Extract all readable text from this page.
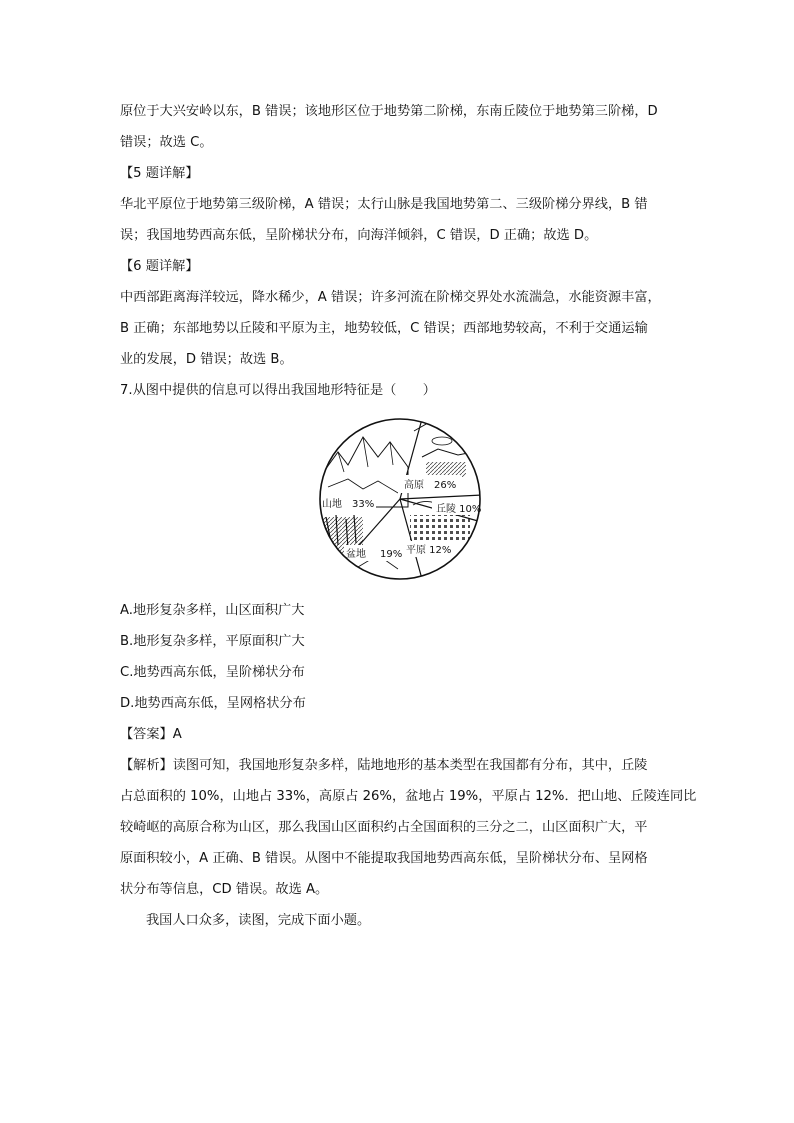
原位于大兴安岭以东，B 错误；该地形区位于地势第二阶梯，东南丘陵位于地势第三阶梯，D
错误；故选 C。
【5 题详解】
华北平原位于地势第三级阶梯，A 错误；太行山脉是我国地势第二、三级阶梯分界线，B 错
误；我国地势西高东低，呈阶梯状分布，向海洋倾斜，C 错误，D 正确；故选 D。
【6 题详解】
中西部距离海洋较远，降水稀少，A 错误；许多河流在阶梯交界处水流湍急，水能资源丰富，
B 正确；东部地势以丘陵和平原为主，地势较低，C 错误；西部地势较高，不利于交通运输
业的发展，D 错误；故选 B。
7.从图中提供的信息可以得出我国地形特征是（　　）
高原　26%
丘陵 10%
山地　33%
盆地 19% 平原 12%
A.地形复杂多样，山区面积广大
B.地形复杂多样，平原面积广大
C.地势西高东低，呈阶梯状分布
D.地势西高东低，呈网格状分布
【答案】A
【解析】读图可知，我国地形复杂多样，陆地地形的基本类型在我国都有分布，其中，丘陵
占总面积的 10%，山地占 33%，高原占 26%，盆地占 19%，平原占 12%．把山地、丘陵连同比
较崎岖的高原合称为山区，那么我国山区面积约占全国面积的三分之二，山区面积广大，平
原面积较小，A 正确、B 错误。从图中不能提取我国地势西高东低，呈阶梯状分布、呈网格
状分布等信息，CD 错误。故选 A。
我国人口众多，读图，完成下面小题。
